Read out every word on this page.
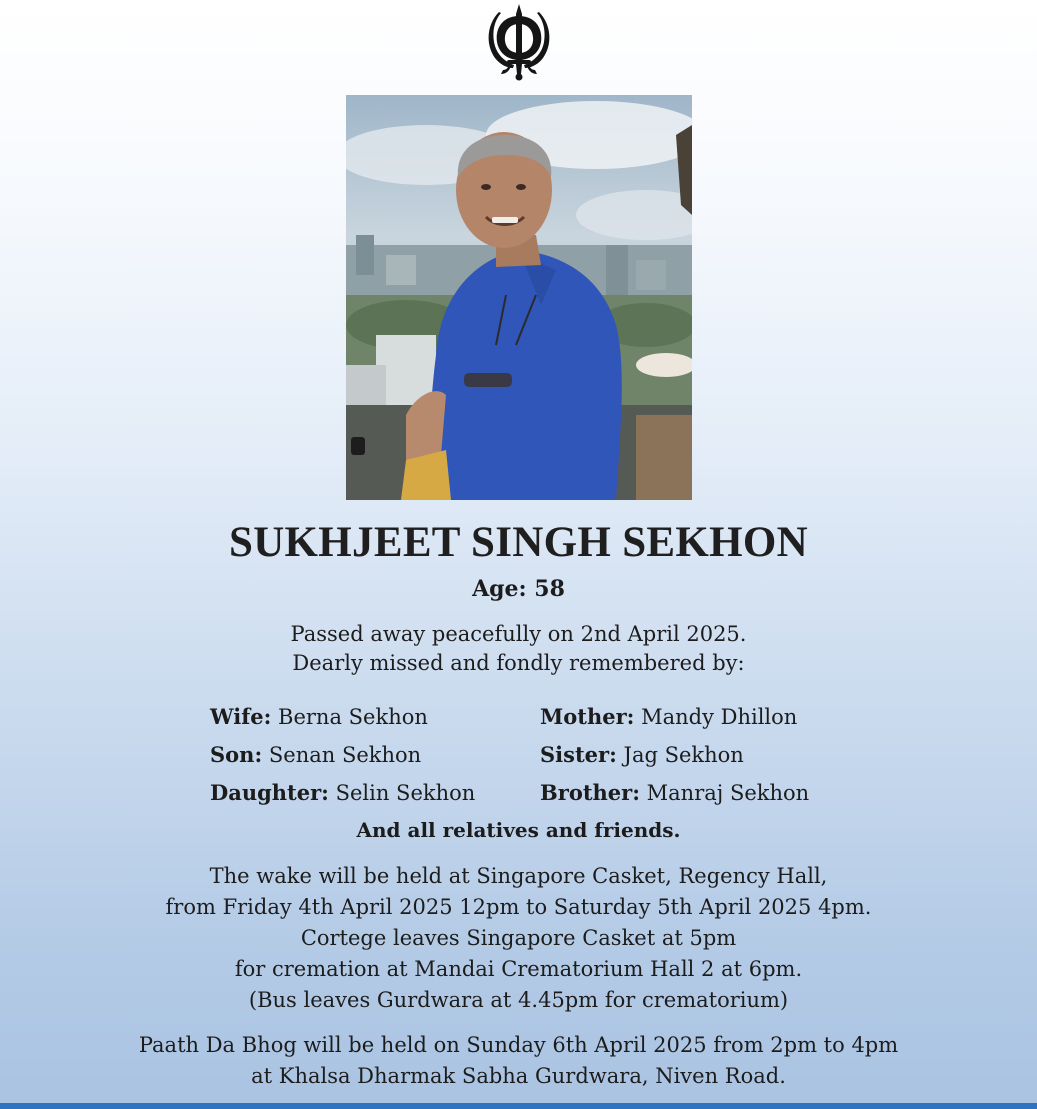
SUKHJEET SINGH SEKHON
Age: 58
Passed away peacefully on 2nd April 2025.
Dearly missed and fondly remembered by:
Wife: Berna Sekhon
Son: Senan Sekhon
Daughter: Selin Sekhon
Mother: Mandy Dhillon
Sister: Jag Sekhon
Brother: Manraj Sekhon
And all relatives and friends.
The wake will be held at Singapore Casket, Regency Hall,
from Friday 4th April 2025 12pm to Saturday 5th April 2025 4pm.
Cortege leaves Singapore Casket at 5pm
for cremation at Mandai Crematorium Hall 2 at 6pm.
(Bus leaves Gurdwara at 4.45pm for crematorium)
Paath Da Bhog will be held on Sunday 6th April 2025 from 2pm to 4pm
at Khalsa Dharmak Sabha Gurdwara, Niven Road.
